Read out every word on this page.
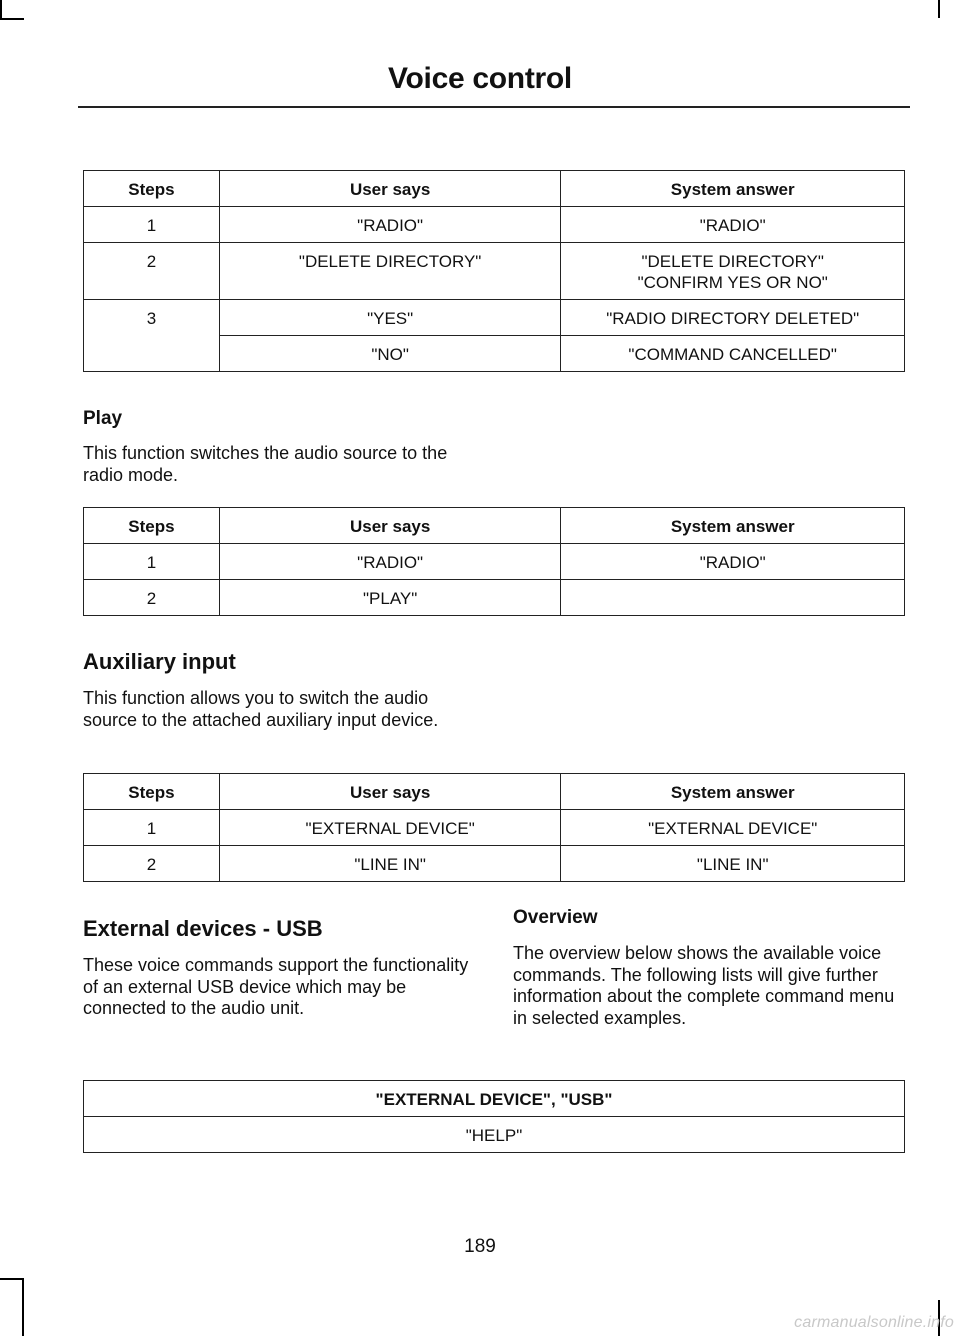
Voice control
Steps	User says	System answer
1	"RADIO"	"RADIO"
2	"DELETE DIRECTORY"	"DELETE DIRECTORY"
"CONFIRM YES OR NO"

3	"YES"	"RADIO DIRECTORY DELETED"
	"NO"	"COMMAND CANCELLED"
Play

This function switches the audio source to the radio mode.

Steps	User says	System answer
1	"RADIO"	"RADIO"
2	"PLAY"	
Auxiliary input

This function allows you to switch the audio source to the attached auxiliary input device.

Steps	User says	System answer
1	"EXTERNAL DEVICE"	"EXTERNAL DEVICE"
2	"LINE IN"	"LINE IN"
External devices - USB

These voice commands support the functionality of an external USB device which may be connected to the audio unit.

Overview

The overview below shows the available voice commands. The following lists will give further information about the complete command menu in selected examples.

"EXTERNAL DEVICE", "USB"
"HELP"
189
carmanualsonline.info
